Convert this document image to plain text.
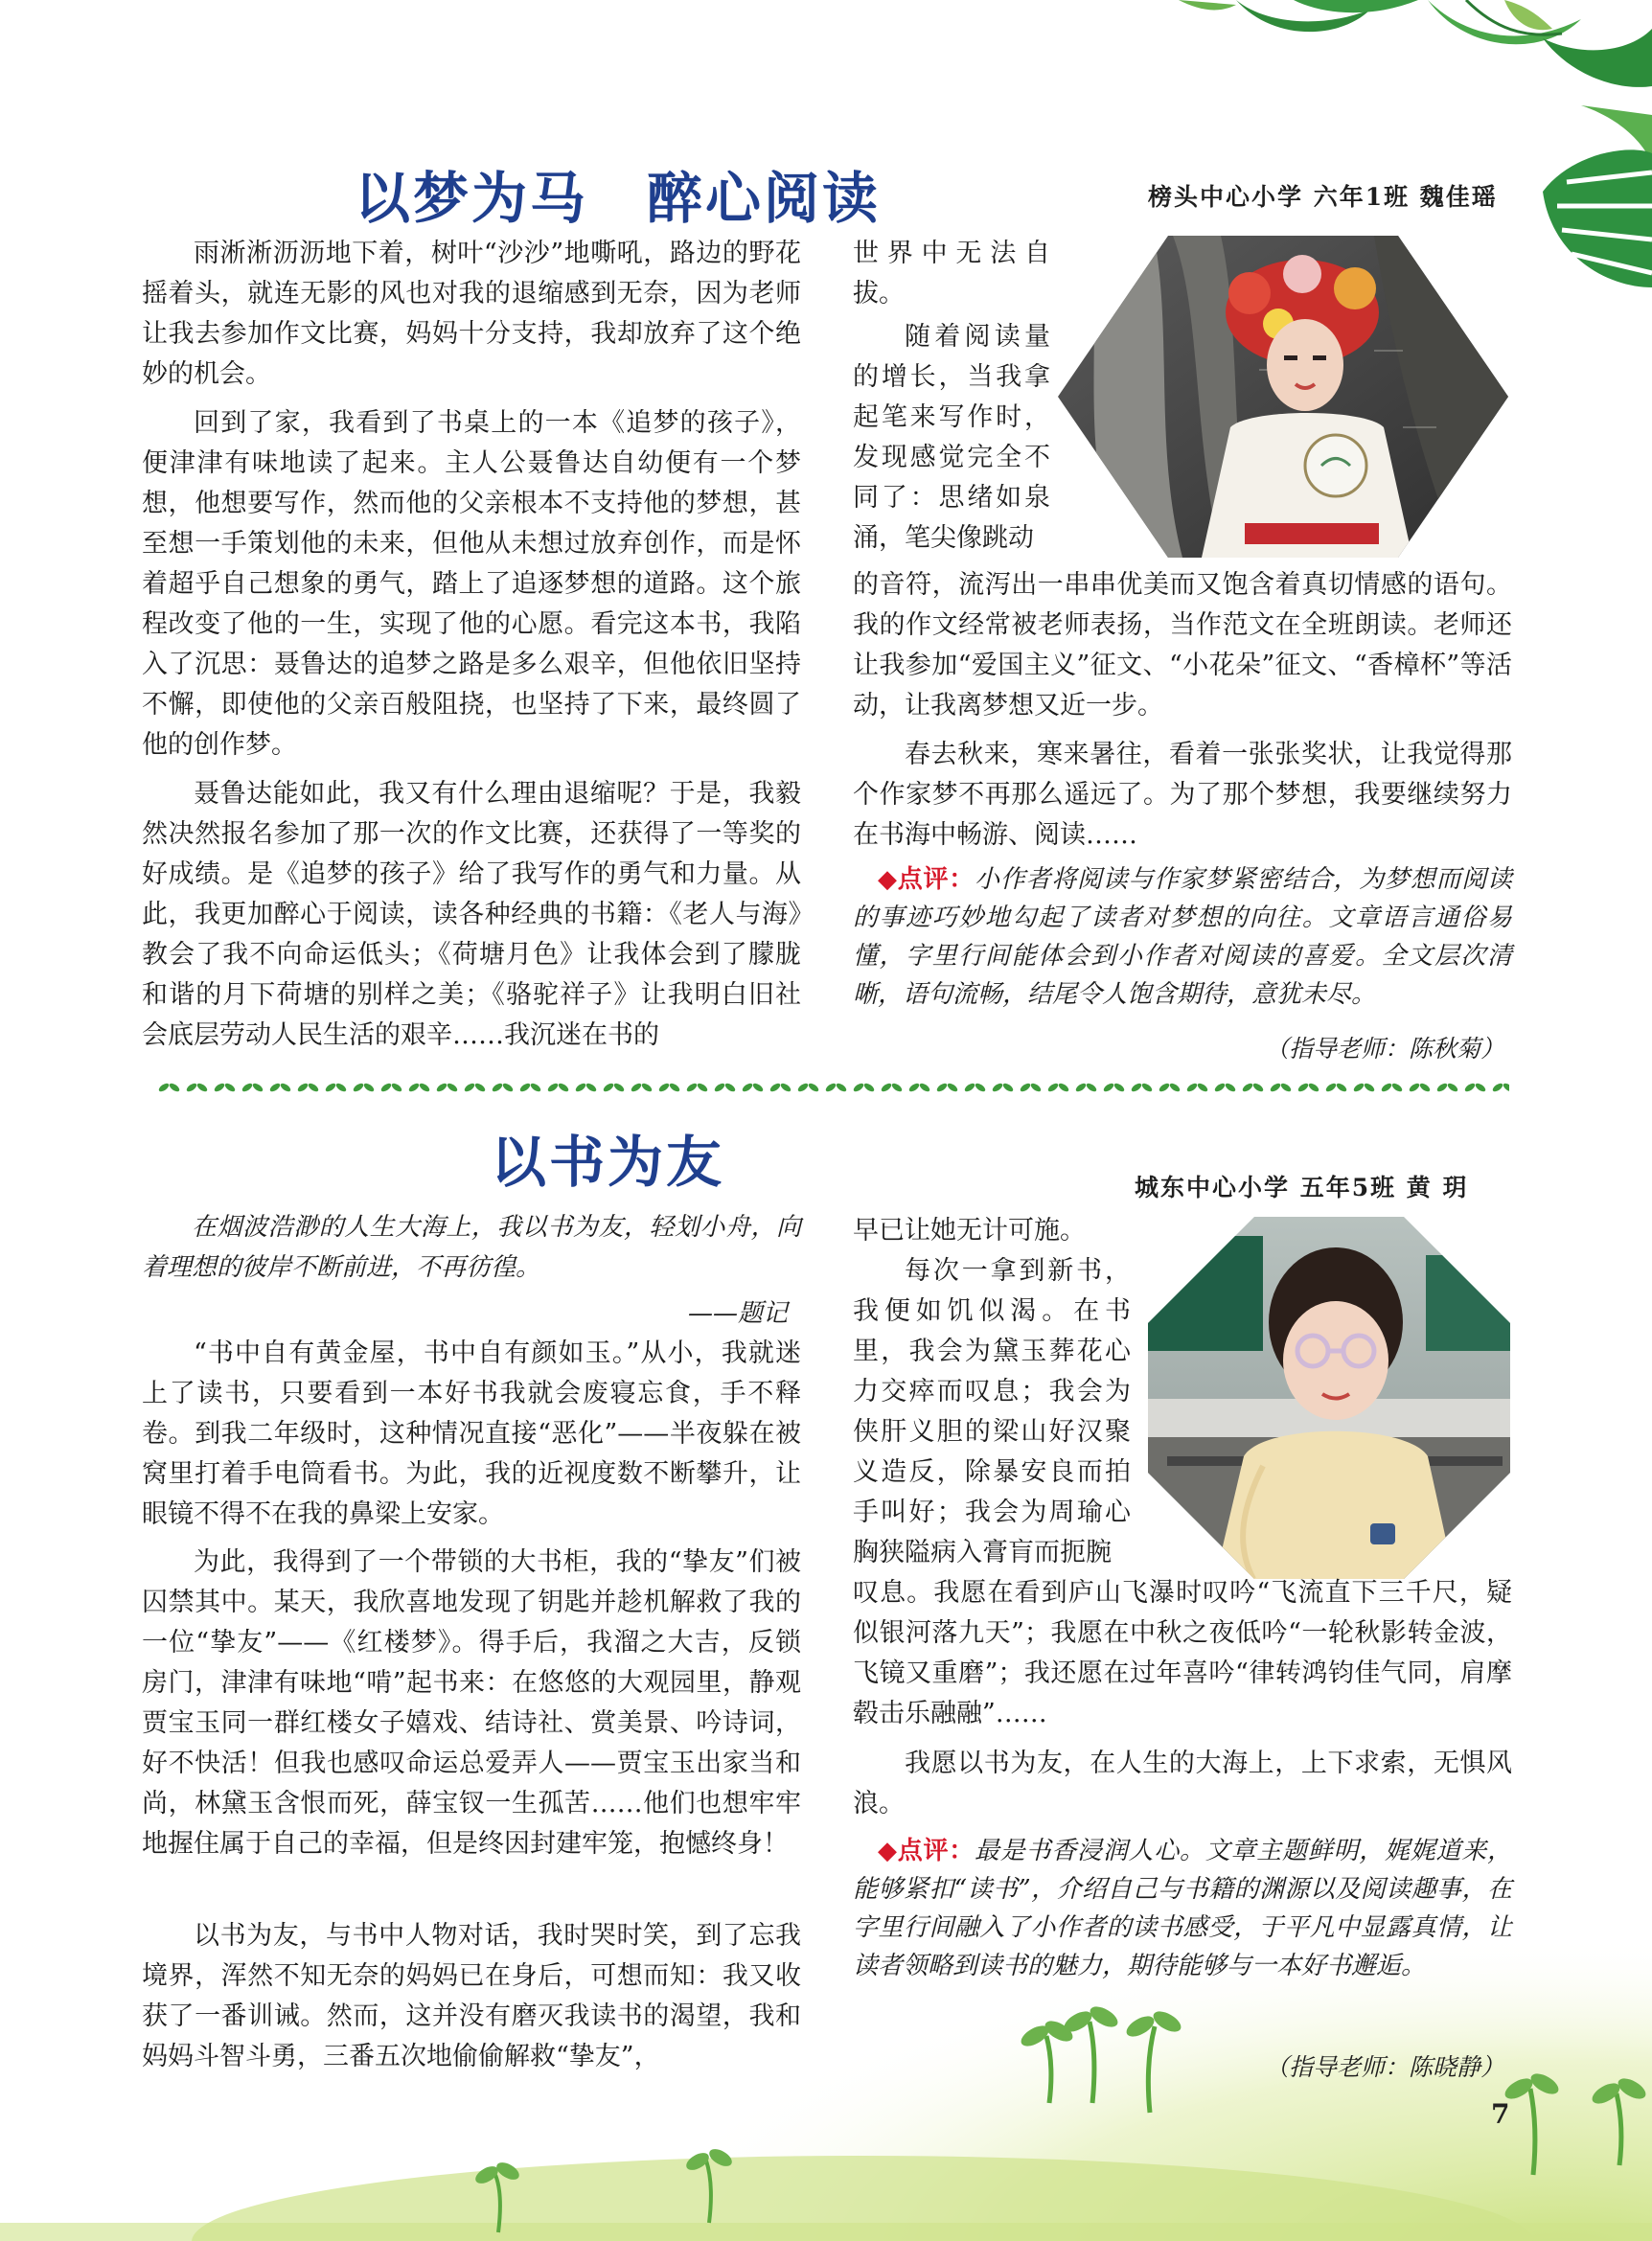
以梦为马　醉心阅读	榜头中心小学 六年1班 魏佳瑶

雨淅淅沥沥地下着，树叶“沙沙”地嘶吼，路边的野花摇着头，就连无影的风也对我的退缩感到无奈，因为老师让我去参加作文比赛，妈妈十分支持，我却放弃了这个绝妙的机会。

回到了家，我看到了书桌上的一本《追梦的孩子》，便津津有味地读了起来。主人公聂鲁达自幼便有一个梦想，他想要写作，然而他的父亲根本不支持他的梦想，甚至想一手策划他的未来，但他从未想过放弃创作，而是怀着超乎自己想象的勇气，踏上了追逐梦想的道路。这个旅程改变了他的一生，实现了他的心愿。看完这本书，我陷入了沉思：聂鲁达的追梦之路是多么艰辛，但他依旧坚持不懈，即使他的父亲百般阻挠，也坚持了下来，最终圆了他的创作梦。

聂鲁达能如此，我又有什么理由退缩呢？于是，我毅然决然报名参加了那一次的作文比赛，还获得了一等奖的好成绩。是《追梦的孩子》给了我写作的勇气和力量。从此，我更加醉心于阅读，读各种经典的书籍：《老人与海》教会了我不向命运低头；《荷塘月色》让我体会到了朦胧和谐的月下荷塘的别样之美；《骆驼祥子》让我明白旧社会底层劳动人民生活的艰辛……我沉迷在书的

世界中无法自拔。

随着阅读量的增长，当我拿起笔来写作时，发现感觉完全不同了：思绪如泉涌，笔尖像跳动

的音符，流泻出一串串优美而又饱含着真切情感的语句。我的作文经常被老师表扬，当作范文在全班朗读。老师还让我参加“爱国主义”征文、“小花朵”征文、“香樟杯”等活动，让我离梦想又近一步。

春去秋来，寒来暑往，看着一张张奖状，让我觉得那个作家梦不再那么遥远了。为了那个梦想，我要继续努力在书海中畅游、阅读……

◆点评：小作者将阅读与作家梦紧密结合，为梦想而阅读的事迹巧妙地勾起了读者对梦想的向往。文章语言通俗易懂，字里行间能体会到小作者对阅读的喜爱。全文层次清晰，语句流畅，结尾令人饱含期待，意犹未尽。

（指导老师：陈秋菊）
以书为友	城东中心小学 五年5班 黄 玥

在烟波浩渺的人生大海上，我以书为友，轻划小舟，向着理想的彼岸不断前进，不再彷徨。

——题记

“书中自有黄金屋，书中自有颜如玉。”从小，我就迷上了读书，只要看到一本好书我就会废寝忘食，手不释卷。到我二年级时，这种情况直接“恶化”——半夜躲在被窝里打着手电筒看书。为此，我的近视度数不断攀升，让眼镜不得不在我的鼻梁上安家。

为此，我得到了一个带锁的大书柜，我的“挚友”们被囚禁其中。某天，我欣喜地发现了钥匙并趁机解救了我的一位“挚友”——《红楼梦》。得手后，我溜之大吉，反锁房门，津津有味地“啃”起书来：在悠悠的大观园里，静观贾宝玉同一群红楼女子嬉戏、结诗社、赏美景、吟诗词，好不快活！但我也感叹命运总爱弄人——贾宝玉出家当和尚，林黛玉含恨而死，薛宝钗一生孤苦……他们也想牢牢地握住属于自己的幸福，但是终因封建牢笼，抱憾终身！

以书为友，与书中人物对话，我时哭时笑，到了忘我境界，浑然不知无奈的妈妈已在身后，可想而知：我又收获了一番训诫。然而，这并没有磨灭我读书的渴望，我和妈妈斗智斗勇，三番五次地偷偷解救“挚友”，

早已让她无计可施。

每次一拿到新书，我便如饥似渴。在书里，我会为黛玉葬花心力交瘁而叹息；我会为侠肝义胆的梁山好汉聚义造反，除暴安良而拍手叫好；我会为周瑜心胸狭隘病入膏肓而扼腕

叹息。我愿在看到庐山飞瀑时叹吟“飞流直下三千尺，疑似银河落九天”；我愿在中秋之夜低吟“一轮秋影转金波，飞镜又重磨”；我还愿在过年喜吟“律转鸿钧佳气同，肩摩毂击乐融融”……

我愿以书为友，在人生的大海上，上下求索，无惧风浪。

◆点评：最是书香浸润人心。文章主题鲜明，娓娓道来，能够紧扣“读书”，介绍自己与书籍的渊源以及阅读趣事，在字里行间融入了小作者的读书感受，于平凡中显露真情，让读者领略到读书的魅力，期待能够与一本好书邂逅。

（指导老师：陈晓静）
7
